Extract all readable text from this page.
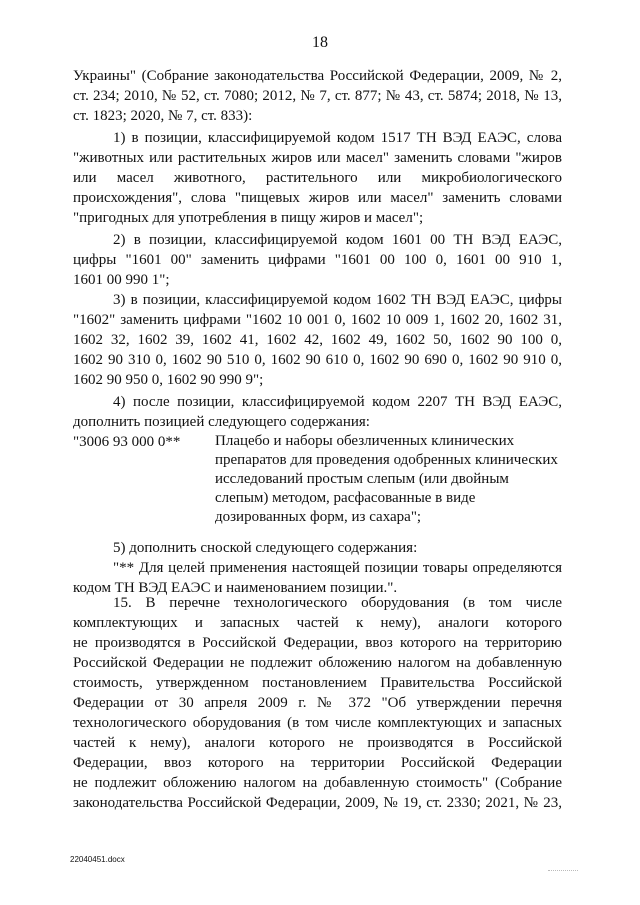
18
Украины" (Собрание законодательства Российской Федерации, 2009, № 2,
ст. 234; 2010, № 52, ст. 7080; 2012, № 7, ст. 877; № 43, ст. 5874; 2018, № 13,
ст. 1823; 2020, № 7, ст. 833):
1) в позиции, классифицируемой кодом 1517 ТН ВЭД ЕАЭС, слова
"животных или растительных жиров или масел" заменить словами "жиров
или масел животного, растительного или микробиологического
происхождения", слова "пищевых жиров или масел" заменить словами
"пригодных для употребления в пищу жиров и масел";
2) в позиции, классифицируемой кодом 1601 00 ТН ВЭД ЕАЭС,
цифры "1601 00" заменить цифрами "1601 00 100 0, 1601 00 910 1,
1601 00 990 1";
3) в позиции, классифицируемой кодом 1602 ТН ВЭД ЕАЭС, цифры
"1602" заменить цифрами "1602 10 001 0, 1602 10 009 1, 1602 20, 1602 31,
1602 32, 1602 39, 1602 41, 1602 42, 1602 49, 1602 50, 1602 90 100 0,
1602 90 310 0, 1602 90 510 0, 1602 90 610 0, 1602 90 690 0, 1602 90 910 0,
1602 90 950 0, 1602 90 990 9";
4) после позиции, классифицируемой кодом 2207 ТН ВЭД ЕАЭС,
дополнить позицией следующего содержания:
"3006 93 000 0** Плацебо и наборы обезличенных клинических
препаратов для проведения одобренных клинических
исследований простым слепым (или двойным
слепым) методом, расфасованные в виде
дозированных форм, из сахара";
5) дополнить сноской следующего содержания:
"** Для целей применения настоящей позиции товары определяются
кодом ТН ВЭД ЕАЭС и наименованием позиции.".
15. В перечне технологического оборудования (в том числе
комплектующих и запасных частей к нему), аналоги которого
не производятся в Российской Федерации, ввоз которого на территорию
Российской Федерации не подлежит обложению налогом на добавленную
стоимость, утвержденном постановлением Правительства Российской
Федерации от 30 апреля 2009 г. № 372 "Об утверждении перечня
технологического оборудования (в том числе комплектующих и запасных
частей к нему), аналоги которого не производятся в Российской
Федерации, ввоз которого на территории Российской Федерации
не подлежит обложению налогом на добавленную стоимость" (Собрание
законодательства Российской Федерации, 2009, № 19, ст. 2330; 2021, № 23,
22040451.docx
